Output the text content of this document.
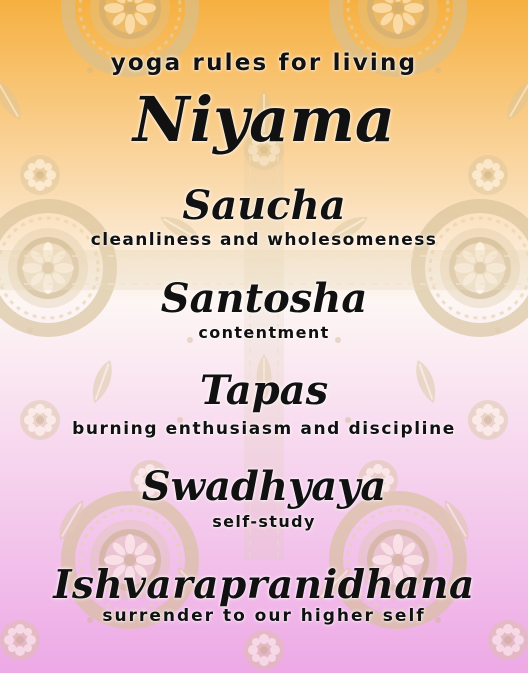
yoga rules for living
Niyama
Saucha
cleanliness and wholesomeness
Santosha
contentment
Tapas
burning enthusiasm and discipline
Swadhyaya
self-study
Ishvarapranidhana
surrender to our higher self
